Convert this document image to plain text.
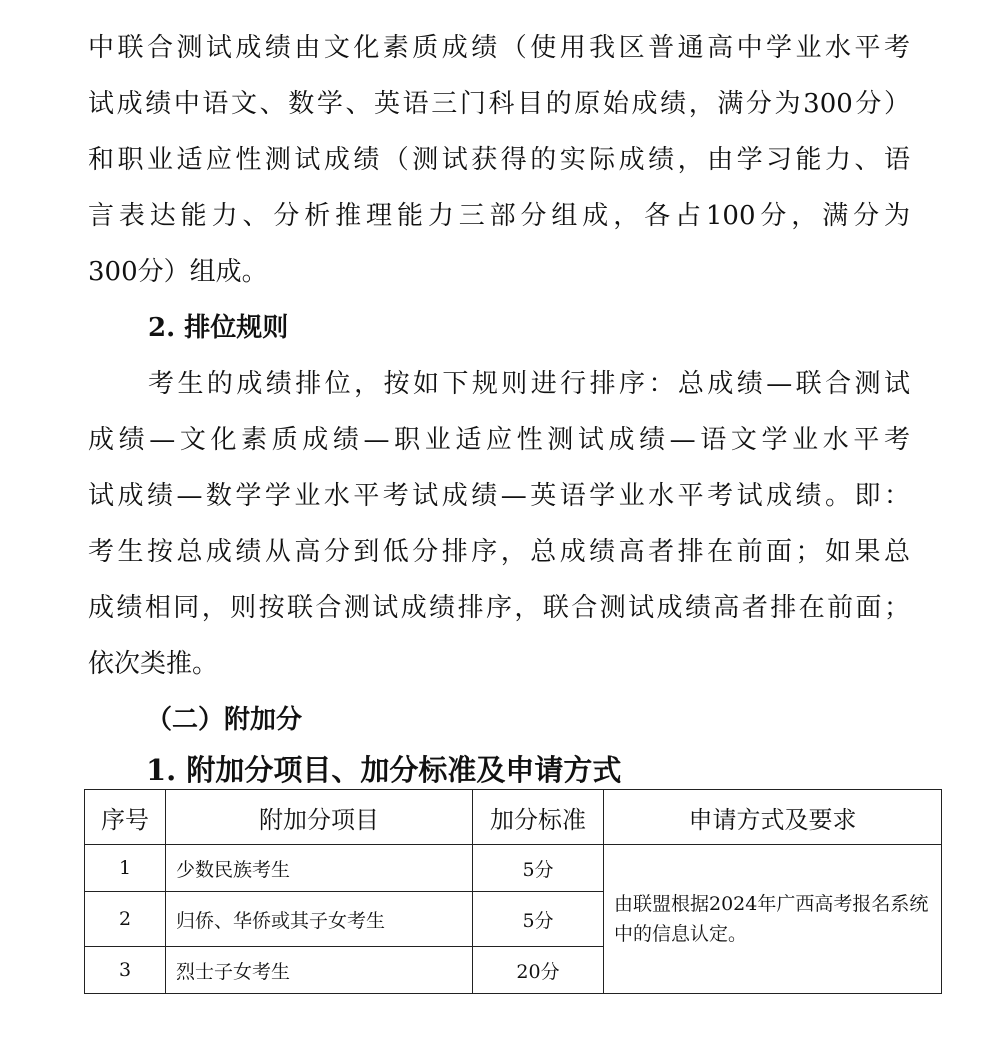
中联合测试成绩由文化素质成绩（使用我区普通高中学业水平考
试成绩中语文、数学、英语三门科目的原始成绩，满分为300分）
和职业适应性测试成绩（测试获得的实际成绩，由学习能力、语
言表达能力、分析推理能力三部分组成，各占100分，满分为
300分）组成。
2. 排位规则
考生的成绩排位，按如下规则进行排序：总成绩—联合测试
成绩—文化素质成绩—职业适应性测试成绩—语文学业水平考
试成绩—数学学业水平考试成绩—英语学业水平考试成绩。即：
考生按总成绩从高分到低分排序，总成绩高者排在前面；如果总
成绩相同，则按联合测试成绩排序，联合测试成绩高者排在前面；
依次类推。
（二）附加分
1. 附加分项目、加分标准及申请方式
序号	附加分项目	加分标准	申请方式及要求
1	少数民族考生	5分	由联盟根据2024年广西高考报名系统中的信息认定。
2	归侨、华侨或其子女考生	5分	
3	烈士子女考生	20分	
